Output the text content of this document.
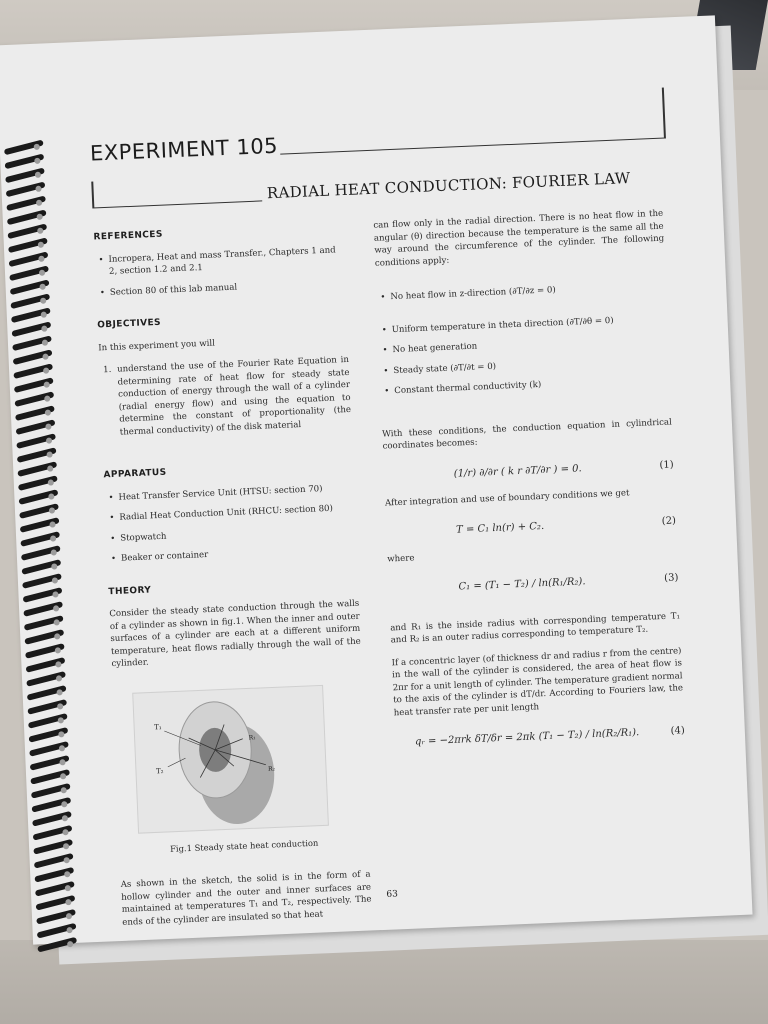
EXPERIMENT 105
RADIAL HEAT CONDUCTION: FOURIER LAW
REFERENCES
• Incropera, Heat and mass Transfer., Chapters 1 and 2, section 1.2 and 2.1
• Section 80 of this lab manual
OBJECTIVES
In this experiment you will
1. understand the use of the Fourier Rate Equation in determining rate of heat flow for steady state conduction of energy through the wall of a cylinder (radial energy flow) and using the equation to determine the constant of proportionality (the thermal conductivity) of the disk material
APPARATUS
• Heat Transfer Service Unit (HTSU: section 70)
• Radial Heat Conduction Unit (RHCU: section 80)
• Stopwatch
• Beaker or container
THEORY
Consider the steady state conduction through the walls of a cylinder as shown in fig.1. When the inner and outer surfaces of a cylinder are each at a different uniform temperature, heat flows radially through the wall of the cylinder.
T₁
T₂
R₁
R₂
Fig.1 Steady state heat conduction
As shown in the sketch, the solid is in the form of a hollow cylinder and the outer and inner surfaces are maintained at temperatures T₁ and T₂, respectively. The ends of the cylinder are insulated so that heat
can flow only in the radial direction. There is no heat flow in the angular (θ) direction because the temperature is the same all the way around the circumference of the cylinder. The following conditions apply:
• No heat flow in z-direction (∂T/∂z = 0)
• Uniform temperature in theta direction (∂T/∂θ = 0)
• No heat generation
• Steady state (∂T/∂t = 0)
• Constant thermal conductivity (k)
With these conditions, the conduction equation in cylindrical coordinates becomes:
(1/r) ∂/∂r ( k r ∂T/∂r ) = 0.	(1)
After integration and use of boundary conditions we get
T = C₁ ln(r) + C₂.	(2)
where
C₁ = (T₁ − T₂) / ln(R₁/R₂).	(3)
and R₁ is the inside radius with corresponding temperature T₁ and R₂ is an outer radius corresponding to temperature T₂.
If a concentric layer (of thickness dr and radius r from the centre) in the wall of the cylinder is considered, the area of heat flow is 2πr for a unit length of cylinder. The temperature gradient normal to the axis of the cylinder is dT/dr. According to Fouriers law, the heat transfer rate per unit length
qᵣ = −2πrk δT/δr = 2πk (T₁ − T₂) / ln(R₂/R₁).	(4)
63
